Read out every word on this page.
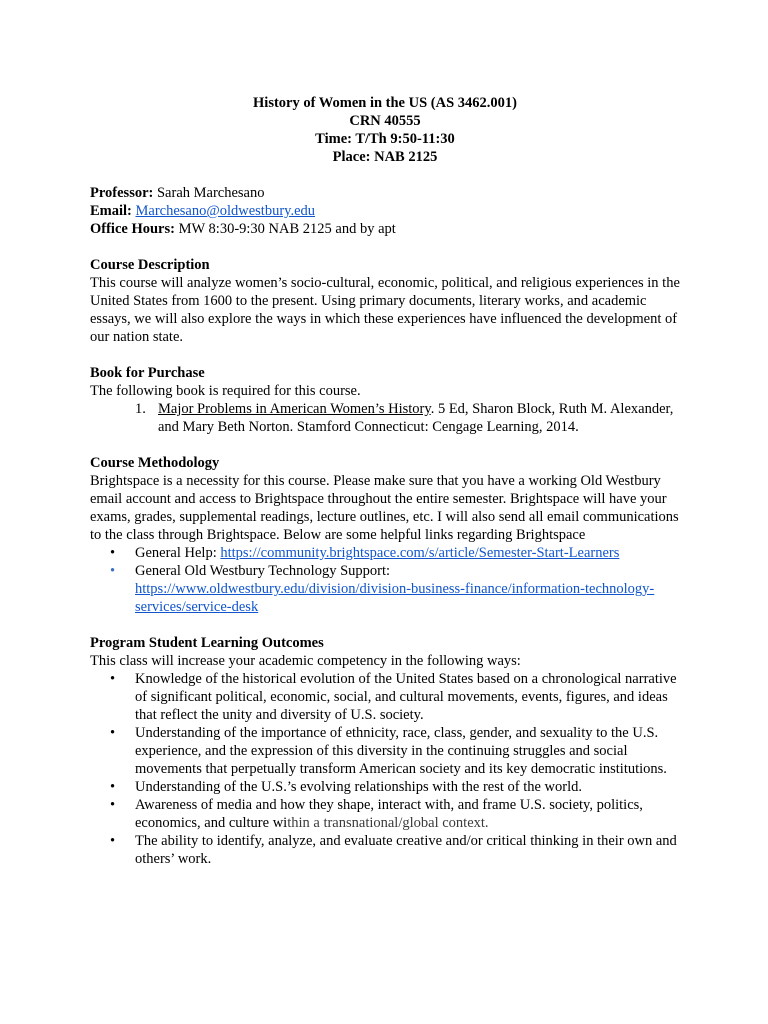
History of Women in the US (AS 3462.001)
CRN 40555
Time: T/Th 9:50-11:30
Place: NAB 2125
Professor: Sarah Marchesano
Email: Marchesano@oldwestbury.edu
Office Hours: MW 8:30-9:30 NAB 2125 and by apt
Course Description
This course will analyze women’s socio-cultural, economic, political, and religious experiences in the United States from 1600 to the present. Using primary documents, literary works, and academic essays, we will also explore the ways in which these experiences have influenced the development of our nation state.
Book for Purchase
The following book is required for this course.
1. Major Problems in American Women’s History. 5 Ed, Sharon Block, Ruth M. Alexander, and Mary Beth Norton. Stamford Connecticut: Cengage Learning, 2014.
Course Methodology
Brightspace is a necessity for this course. Please make sure that you have a working Old Westbury email account and access to Brightspace throughout the entire semester. Brightspace will have your exams, grades, supplemental readings, lecture outlines, etc. I will also send all email communications to the class through Brightspace. Below are some helpful links regarding Brightspace
• General Help: https://community.brightspace.com/s/article/Semester-Start-Learners
• General Old Westbury Technology Support:
https://www.oldwestbury.edu/division/division-business-finance/information-technology-services/service-desk
Program Student Learning Outcomes
This class will increase your academic competency in the following ways:
• Knowledge of the historical evolution of the United States based on a chronological narrative of significant political, economic, social, and cultural movements, events, figures, and ideas that reflect the unity and diversity of U.S. society.
• Understanding of the importance of ethnicity, race, class, gender, and sexuality to the U.S. experience, and the expression of this diversity in the continuing struggles and social movements that perpetually transform American society and its key democratic institutions.
• Understanding of the U.S.’s evolving relationships with the rest of the world.
• Awareness of media and how they shape, interact with, and frame U.S. society, politics, economics, and culture within a transnational/global context.
• The ability to identify, analyze, and evaluate creative and/or critical thinking in their own and others’ work.
